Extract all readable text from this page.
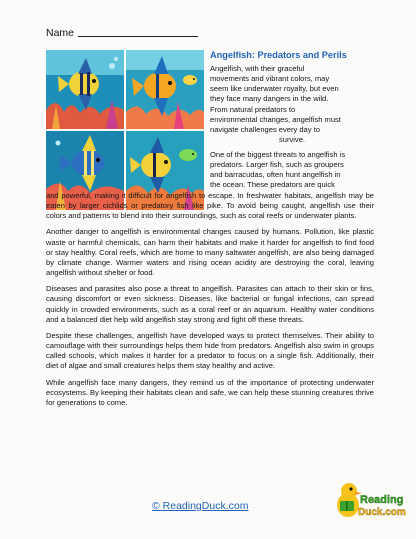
Name
Angelfish: Predators and Perils
Angelfish, with their graceful
movements and vibrant colors, may
seem like underwater royalty, but even
they face many dangers in the wild.
From natural predators to
environmental changes, angelfish must
navigate challenges every day to
survive.
One of the biggest threats to angelfish is
predators. Larger fish, such as groupers
and barracudas, often hunt angelfish in
the ocean. These predators are quick

and powerful, making it difficult for angelfish to escape. In freshwater habitats, angelfish may be eaten by larger cichlids or predatory fish like pike. To avoid being caught, angelfish use their colors and patterns to blend into their surroundings, such as coral reefs or underwater plants.

Another danger to angelfish is environmental changes caused by humans. Pollution, like plastic waste or harmful chemicals, can harm their habitats and make it harder for angelfish to find food or stay healthy. Coral reefs, which are home to many saltwater angelfish, are also being damaged by climate change. Warmer waters and rising ocean acidity are destroying the coral, leaving angelfish without shelter or food.

Diseases and parasites also pose a threat to angelfish. Parasites can attach to their skin or fins, causing discomfort or even sickness. Diseases, like bacterial or fungal infections, can spread quickly in crowded environments, such as a coral reef or an aquarium. Healthy water conditions and a balanced diet help wild angelfish stay strong and fight off these threats.

Despite these challenges, angelfish have developed ways to protect themselves. Their ability to camouflage with their surroundings helps them hide from predators. Angelfish also swim in groups called schools, which makes it harder for a predator to focus on a single fish. Additionally, their diet of algae and small creatures helps them stay healthy and active.

While angelfish face many dangers, they remind us of the importance of protecting underwater ecosystems. By keeping their habitats clean and safe, we can help these stunning creatures thrive for generations to come.

© ReadingDuck.com	Reading
Duck.com
